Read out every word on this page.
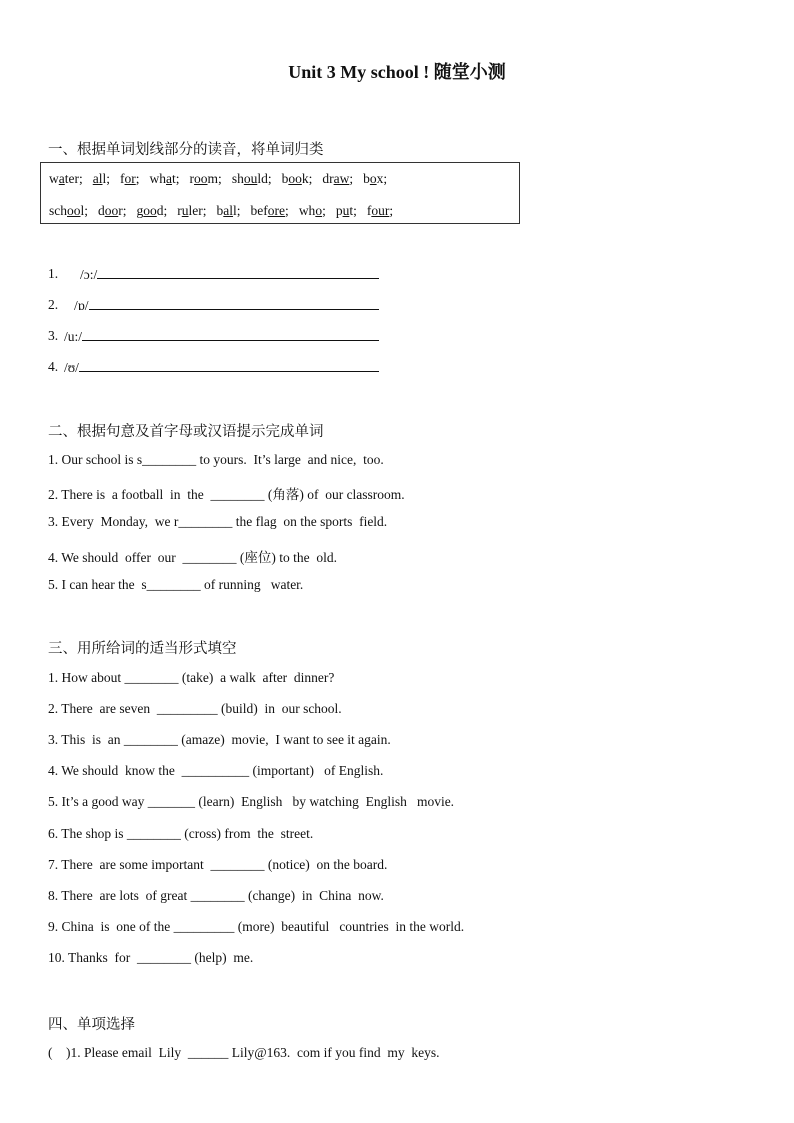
Unit 3 My school ! 随堂小测
一、根据单词划线部分的读音，将单词归类
water; all; for; what; room; should; book; draw; box;
school; door; good; ruler; ball; before; who; put; four;
1. /ɔ:/
2. /ɒ/
3. /u:/
4. /ʊ/
二、根据句意及首字母或汉语提示完成单词
1. Our school is s________ to yours.  It’s large  and nice,  too.
2. There is  a football  in  the  ________ (角落) of  our classroom.
3. Every  Monday,  we r________ the flag  on the sports  field.
4. We should  offer  our  ________ (座位) to the  old.
5. I can hear the  s________ of running   water.
三、用所给词的适当形式填空
1. How about ________ (take)  a walk  after  dinner?
2. There  are seven  _________ (build)  in  our school.
3. This  is  an ________ (amaze)  movie,  I want to see it again.
4. We should  know the  __________ (important)   of English.
5. It’s a good way _______ (learn)  English   by watching  English   movie.
6. The shop is ________ (cross) from  the  street.
7. There  are some important  ________ (notice)  on the board.
8. There  are lots  of great ________ (change)  in  China  now.
9. China  is  one of the _________ (more)  beautiful   countries  in the world.
10. Thanks  for  ________ (help)  me.
四、单项选择
(    )1. Please email  Lily  ______ Lily@163.  com if you find  my  keys.
